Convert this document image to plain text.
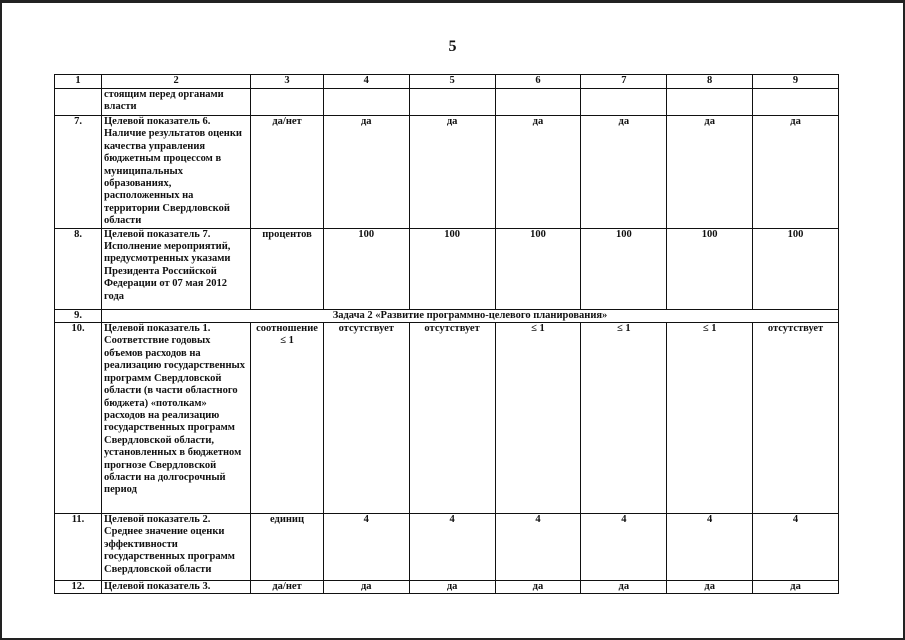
5
1	2	3	4	5	6	7	8	9
	стоящим перед органами власти							
7.	Целевой показатель 6. Наличие результатов оценки качества управления бюджетным процессом в муниципальных образованиях, расположенных на территории Свердловской области	да/нет	да	да	да	да	да	да
8.	Целевой показатель 7. Исполнение мероприятий, предусмотренных указами Президента Российской Федерации от 07 мая 2012 года	процентов	100	100	100	100	100	100
9.	Задача 2 «Развитие программно-целевого планирования»							
10.	Целевой показатель 1. Соответствие годовых объемов расходов на реализацию государственных программ Свердловской области (в части областного бюджета) «потолкам» расходов на реализацию государственных программ Свердловской области, установленных в бюджетном прогнозе Свердловской области на долгосрочный период	соотношение ≤ 1	отсутствует	отсутствует	≤ 1	≤ 1	≤ 1	отсутствует
11.	Целевой показатель 2. Среднее значение оценки эффективности государственных программ Свердловской области	единиц	4	4	4	4	4	4
12.	Целевой показатель 3.	да/нет	да	да	да	да	да	да
